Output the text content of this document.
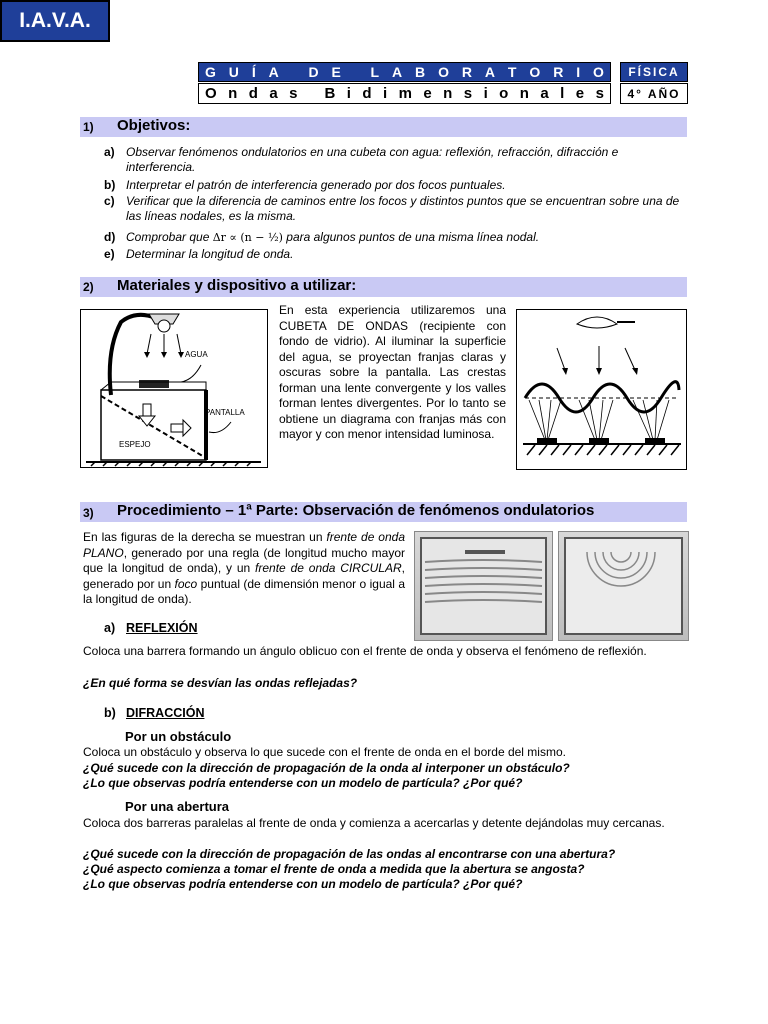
I.A.V.A.
G U Í A
D E
L A B O R A T O R I O
O n d a s
B i d i m e n s i o n a l e s
FÍSICA
4° AÑO
1) Objetivos:
a) Observar fenómenos ondulatorios en una cubeta con agua: reflexión, refracción, difracción e interferencia.
b) Interpretar el patrón de interferencia generado por dos focos puntuales.
c) Verificar que la diferencia de caminos entre los focos y distintos puntos que se encuentran sobre una de las líneas nodales, es la misma.
d) Comprobar que Δr ∝ (n − ½) para algunos puntos de una misma línea nodal.
e) Determinar la longitud de onda.
2) Materiales y dispositivo a utilizar:
AGUA
PANTALLA
ESPEJO
En esta experiencia utilizaremos una CUBETA DE ONDAS (recipiente con fondo de vidrio). Al iluminar la superficie del agua, se proyectan franjas claras y oscuras sobre la pantalla. Las crestas forman una lente convergente y los valles forman lentes divergentes. Por lo tanto se obtiene un diagrama con franjas más con mayor y con menor intensidad luminosa.
3) Procedimiento – 1ª Parte: Observación de fenómenos ondulatorios
En las figuras de la derecha se muestran un frente de onda PLANO, generado por una regla (de longitud mucho mayor que la longitud de onda), y un frente de onda CIRCULAR, generado por un foco puntual (de dimensión menor o igual a la longitud de onda).
a) REFLEXIÓN
Coloca una barrera formando un ángulo oblicuo con el frente de onda y observa el fenómeno de reflexión.
¿En qué forma se desvían las ondas reflejadas?
b) DIFRACCIÓN
Por un obstáculo
Coloca un obstáculo y observa lo que sucede con el frente de onda en el borde del mismo.
¿Qué sucede con la dirección de propagación de la onda al interponer un obstáculo?
¿Lo que observas podría entenderse con un modelo de partícula? ¿Por qué?
Por una abertura
Coloca dos barreras paralelas al frente de onda y comienza a acercarlas y detente dejándolas muy cercanas.
¿Qué sucede con la dirección de propagación de las ondas al encontrarse con una abertura?
¿Qué aspecto comienza a tomar el frente de onda a medida que la abertura se angosta?
¿Lo que observas podría entenderse con un modelo de partícula? ¿Por qué?
